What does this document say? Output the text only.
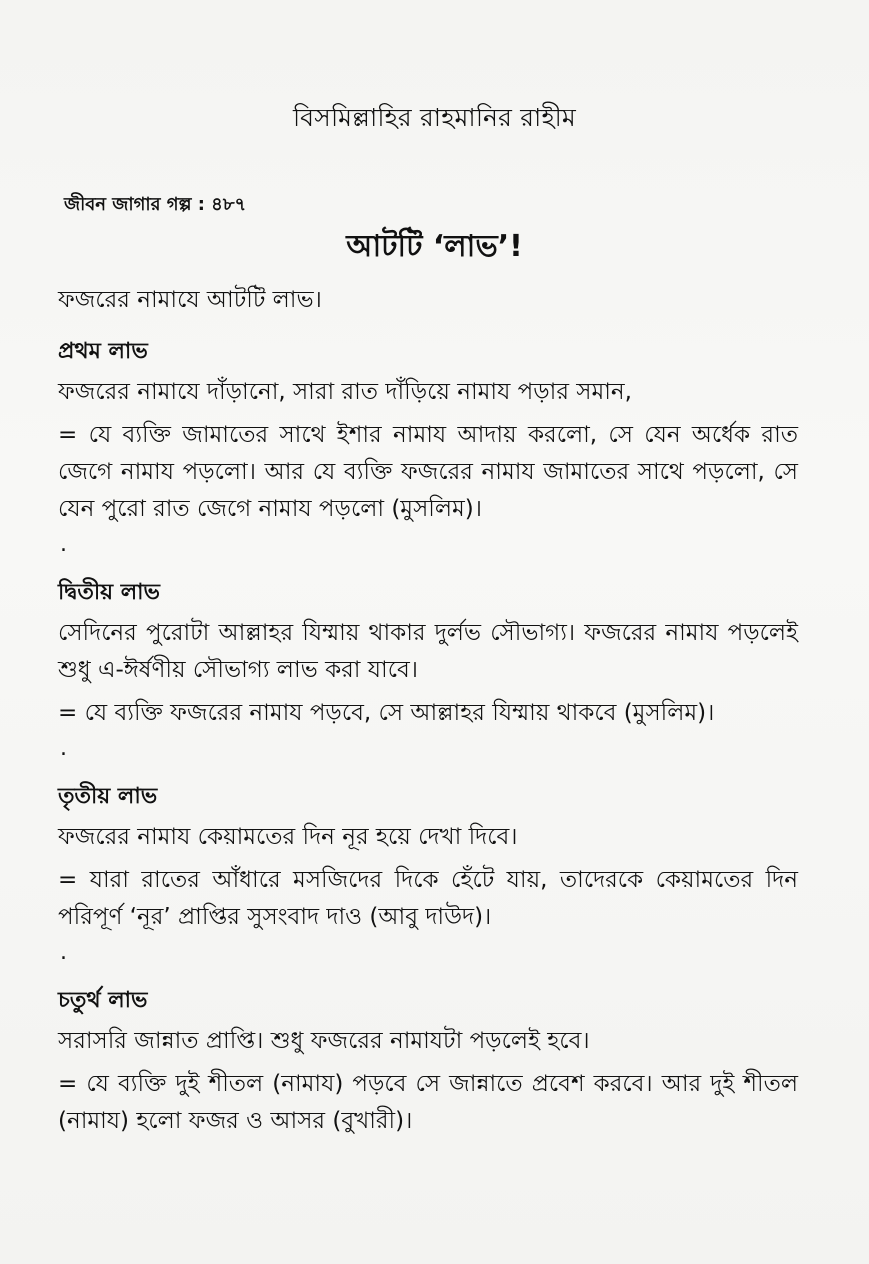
বিসমিল্লাহির রাহমানির রাহীম
জীবন জাগার গল্প : ৪৮৭
আটটি ‘লাভ’!

ফজরের নামাযে আটটি লাভ।

প্রথম লাভ

ফজরের নামাযে দাঁড়ানো, সারা রাত দাঁড়িয়ে নামায পড়ার সমান,

= যে ব্যক্তি জামাতের সাথে ইশার নামায আদায় করলো, সে যেন অর্ধেক রাত জেগে নামায পড়লো। আর যে ব্যক্তি ফজরের নামায জামাতের সাথে পড়লো, সে যেন পুরো রাত জেগে নামায পড়লো (মুসলিম)।

.
দ্বিতীয় লাভ

সেদিনের পুরোটা আল্লাহর যিম্মায় থাকার দুর্লভ সৌভাগ্য। ফজরের নামায পড়লেই শুধু এ-ঈর্ষণীয় সৌভাগ্য লাভ করা যাবে।

= যে ব্যক্তি ফজরের নামায পড়বে, সে আল্লাহর যিম্মায় থাকবে (মুসলিম)।

.
তৃতীয় লাভ

ফজরের নামায কেয়ামতের দিন নূর হয়ে দেখা দিবে।

= যারা রাতের আঁধারে মসজিদের দিকে হেঁটে যায়, তাদেরকে কেয়ামতের দিন পরিপূর্ণ ‘নূর’ প্রাপ্তির সুসংবাদ দাও (আবু দাউদ)।

.
চতুর্থ লাভ

সরাসরি জান্নাত প্রাপ্তি। শুধু ফজরের নামাযটা পড়লেই হবে।

= যে ব্যক্তি দুই শীতল (নামায) পড়বে সে জান্নাতে প্রবেশ করবে। আর দুই শীতল (নামায) হলো ফজর ও আসর (বুখারী)।
